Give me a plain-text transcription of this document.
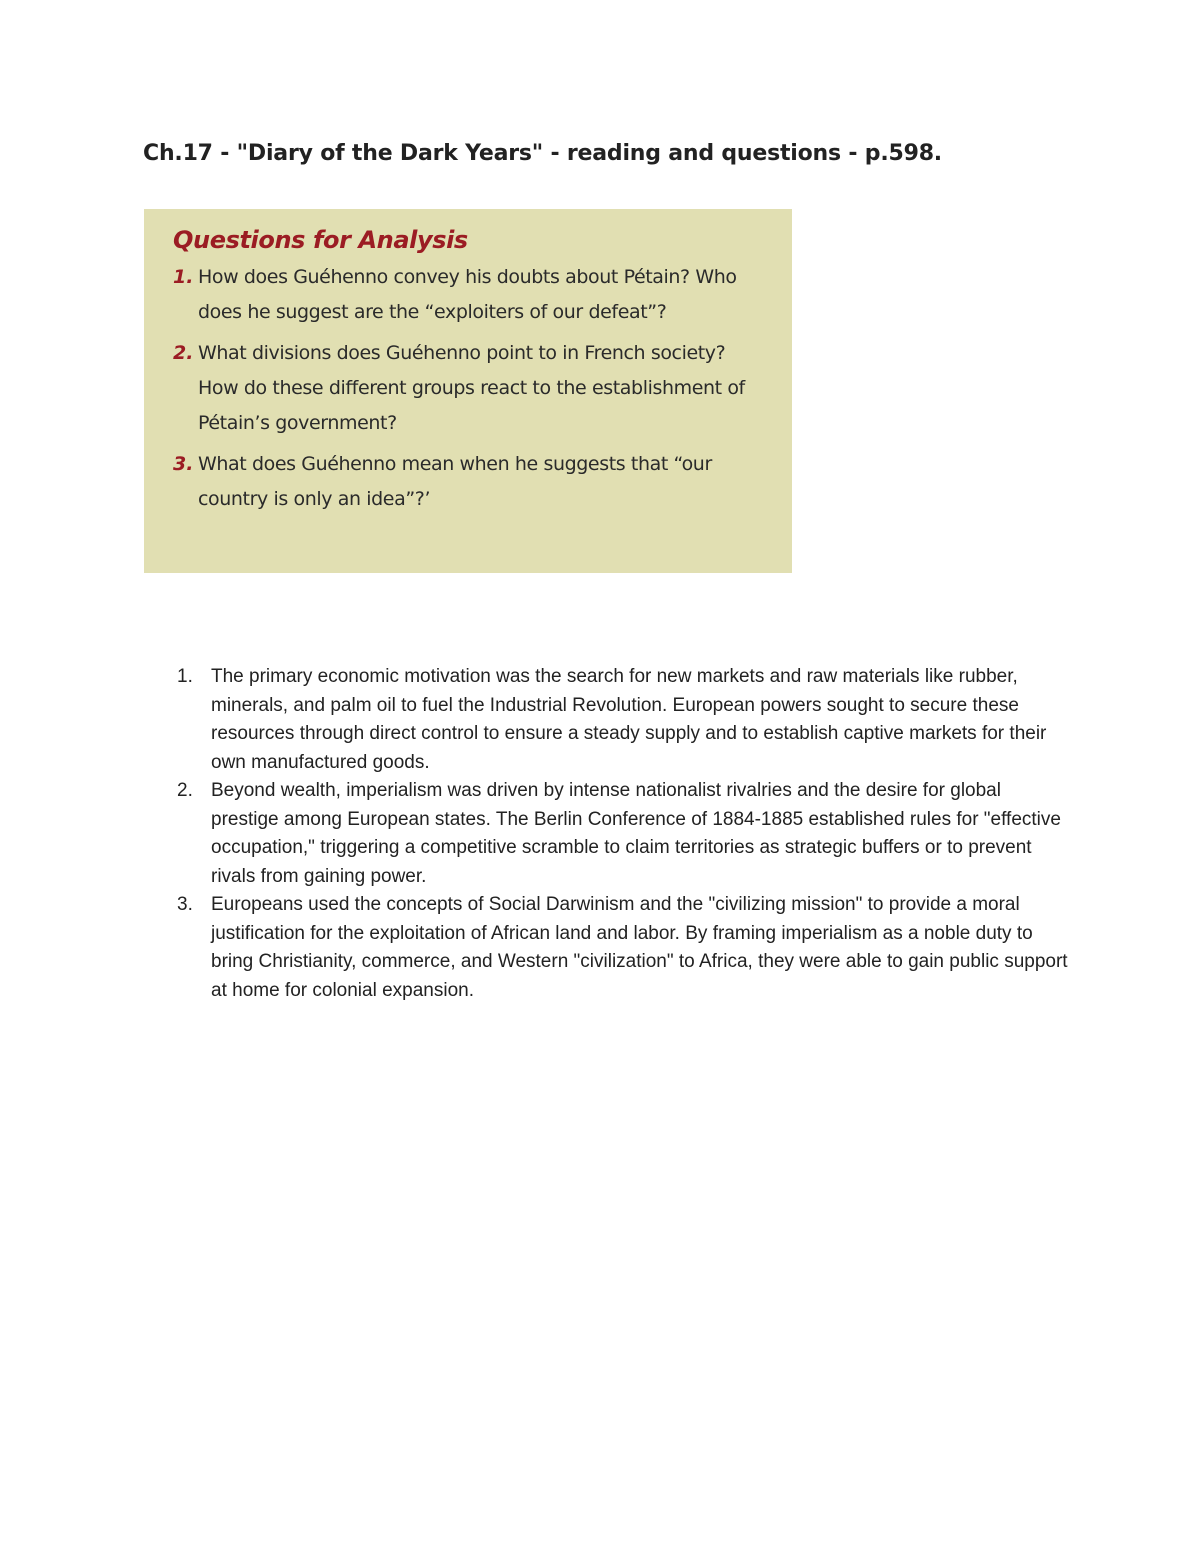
Ch.17 - "Diary of the Dark Years" - reading and questions - p.598.
Questions for Analysis
1. How does Guéhenno convey his doubts about Pétain? Who does he suggest are the “exploiters of our defeat”?
2. What divisions does Guéhenno point to in French society? How do these different groups react to the establishment of Pétain’s government?
3. What does Guéhenno mean when he suggests that “our country is only an idea”?’
1. The primary economic motivation was the search for new markets and raw materials like rubber, minerals, and palm oil to fuel the Industrial Revolution. European powers sought to secure these resources through direct control to ensure a steady supply and to establish captive markets for their own manufactured goods.
2. Beyond wealth, imperialism was driven by intense nationalist rivalries and the desire for global prestige among European states. The Berlin Conference of 1884-1885 established rules for "effective occupation," triggering a competitive scramble to claim territories as strategic buffers or to prevent rivals from gaining power.
3. Europeans used the concepts of Social Darwinism and the "civilizing mission" to provide a moral justification for the exploitation of African land and labor. By framing imperialism as a noble duty to bring Christianity, commerce, and Western "civilization" to Africa, they were able to gain public support at home for colonial expansion.
